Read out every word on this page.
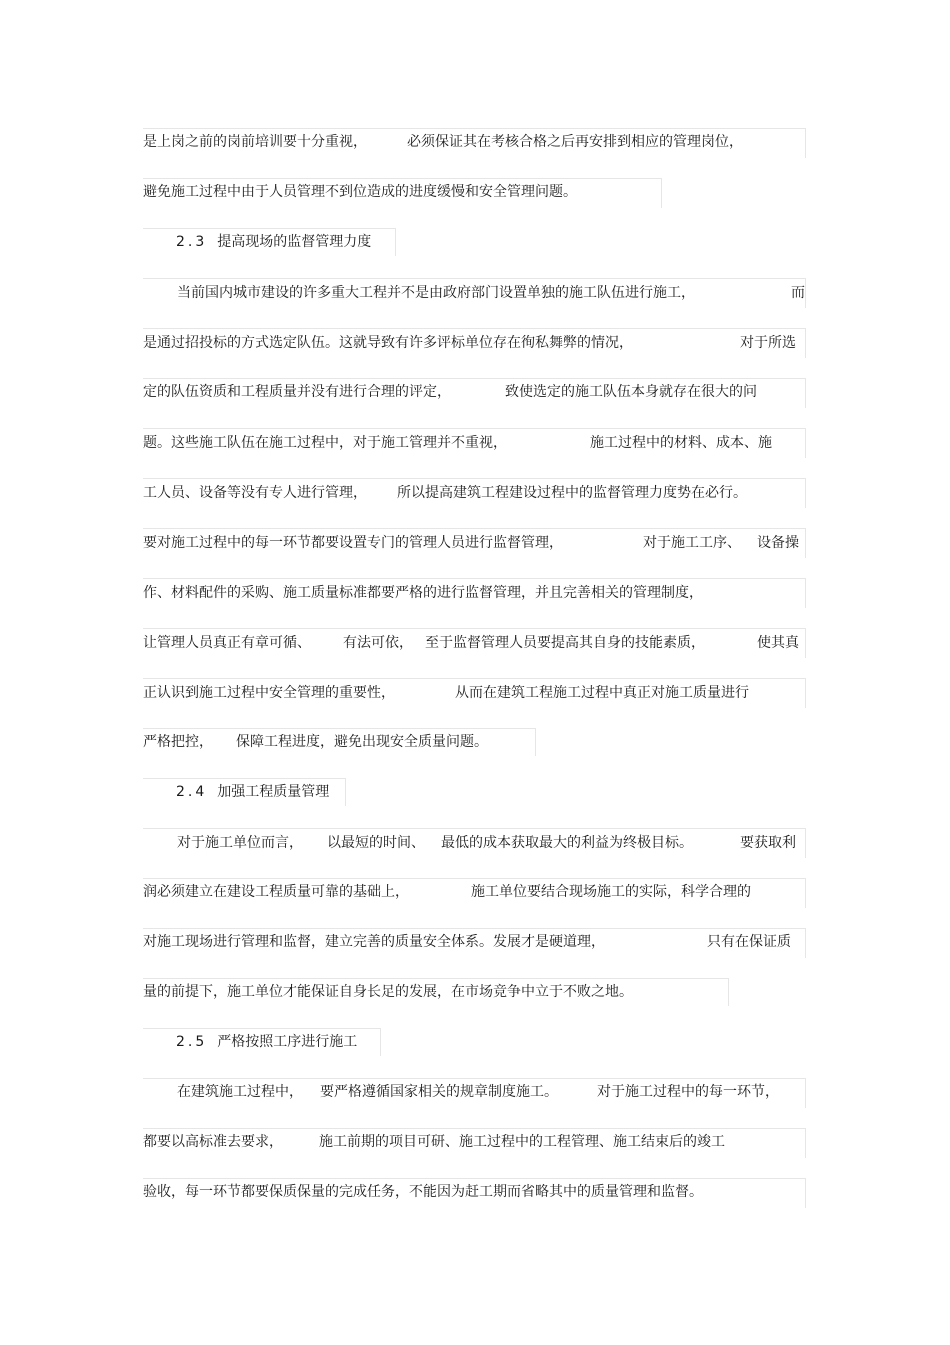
是上岗之前的岗前培训要十分重视，	必须保证其在考核合格之后再安排到相应的管理岗位，
避免施工过程中由于人员管理不到位造成的进度缓慢和安全管理问题。
2.3 提高现场的监督管理力度
当前国内城市建设的许多重大工程并不是由政府部门设置单独的施工队伍进行施工，	而
是通过招投标的方式选定队伍。这就导致有许多评标单位存在徇私舞弊的情况，	对于所选
定的队伍资质和工程质量并没有进行合理的评定，	致使选定的施工队伍本身就存在很大的问
题。这些施工队伍在施工过程中，对于施工管理并不重视，	施工过程中的材料、成本、施
工人员、设备等没有专人进行管理， 所以提高建筑工程建设过程中的监督管理力度势在必行。
要对施工过程中的每一环节都要设置专门的管理人员进行监督管理，	对于施工工序、 设备操
作、材料配件的采购、施工质量标准都要严格的进行监督管理，并且完善相关的管理制度，
让管理人员真正有章可循、 有法可依， 至于监督管理人员要提高其自身的技能素质，	使其真
正认识到施工过程中安全管理的重要性，	从而在建筑工程施工过程中真正对施工质量进行
严格把控， 保障工程进度，避免出现安全质量问题。
2.4 加强工程质量管理
对于施工单位而言， 以最短的时间、 最低的成本获取最大的利益为终极目标。	要获取利
润必须建立在建设工程质量可靠的基础上，	施工单位要结合现场施工的实际，科学合理的
对施工现场进行管理和监督，建立完善的质量安全体系。发展才是硬道理，	只有在保证质
量的前提下，施工单位才能保证自身长足的发展，在市场竞争中立于不败之地。
2.5 严格按照工序进行施工
在建筑施工过程中， 要严格遵循国家相关的规章制度施工。	对于施工过程中的每一环节，
都要以高标准去要求，	施工前期的项目可研、施工过程中的工程管理、施工结束后的竣工
验收，每一环节都要保质保量的完成任务，不能因为赶工期而省略其中的质量管理和监督。
